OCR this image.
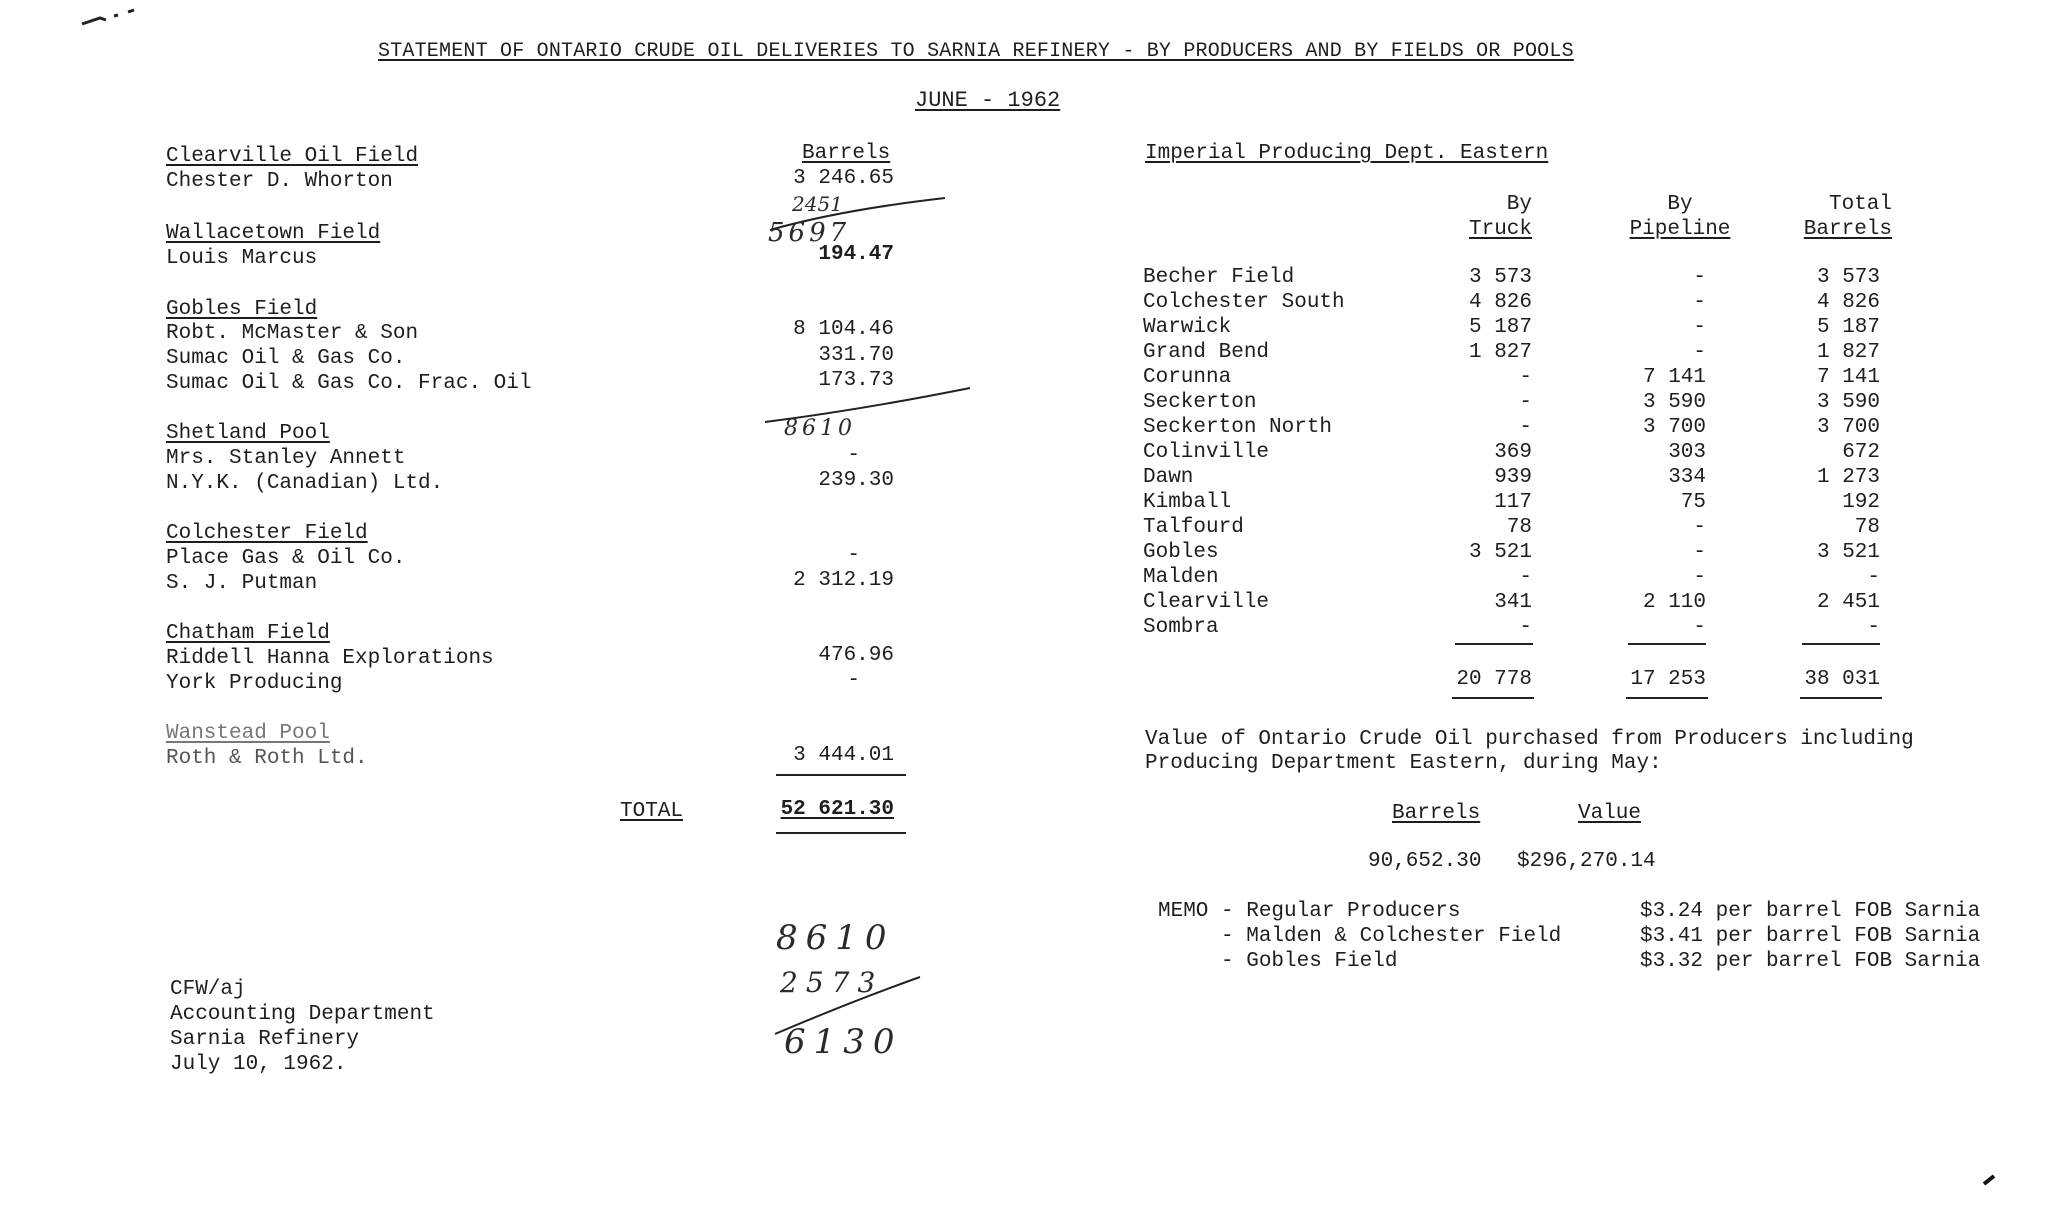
STATEMENT OF ONTARIO CRUDE OIL DELIVERIES TO SARNIA REFINERY - BY PRODUCERS AND BY FIELDS OR POOLS
JUNE - 1962
Barrels
Clearville Oil Field
Chester D. Whorton	3 246.65
Wallacetown Field
Louis Marcus	194.47
Gobles Field
Robt. McMaster & Son	8 104.46
Sumac Oil & Gas Co.	331.70
Sumac Oil & Gas Co. Frac. Oil	173.73
Shetland Pool
Mrs. Stanley Annett	-
N.Y.K. (Canadian) Ltd.	239.30
Colchester Field
Place Gas & Oil Co.	-
S. J. Putman	2 312.19
Chatham Field
Riddell Hanna Explorations	476.96
York Producing	-
Wanstead Pool
Roth & Roth Ltd.	3 444.01
TOTAL	52 621.30
2451
5697
8610
8610
2573
6130
Imperial Producing Dept. Eastern
By
Truck
By
Pipeline
Total
Barrels
Becher Field	3 573	-	3 573
Colchester South	4 826	-	4 826
Warwick	5 187	-	5 187
Grand Bend	1 827	-	1 827
Corunna	-	7 141	7 141
Seckerton	-	3 590	3 590
Seckerton North	-	3 700	3 700
Colinville	369	303	672
Dawn	939	334	1 273
Kimball	117	75	192
Talfourd	78	-	78
Gobles	3 521	-	3 521
Malden	-	-	-
Clearville	341	2 110	2 451
Sombra	-	-	-
20 778	17 253	38 031
Value of Ontario Crude Oil purchased from Producers including
Producing Department Eastern, during May:
Barrels	Value
90,652.30 $296,270.14
MEMO - Regular Producers	$3.24 per barrel FOB Sarnia
- Malden & Colchester Field	$3.41 per barrel FOB Sarnia
- Gobles Field	$3.32 per barrel FOB Sarnia
CFW/aj
Accounting Department
Sarnia Refinery
July 10, 1962.
